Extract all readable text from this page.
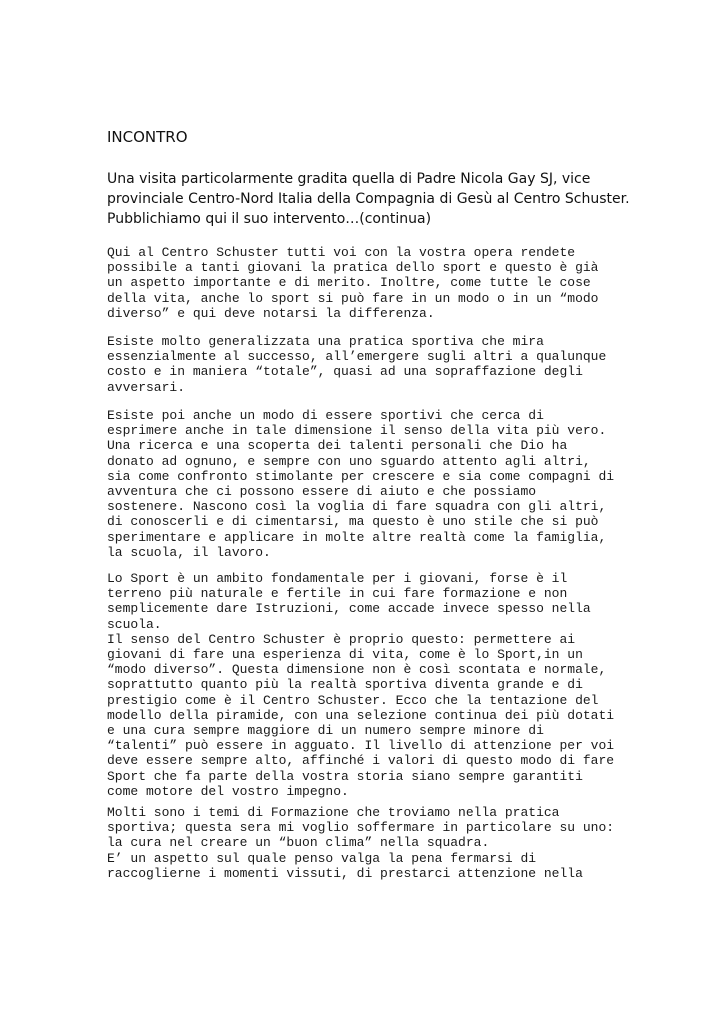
INCONTRO

Una visita particolarmente gradita quella di Padre Nicola Gay SJ, vice
provinciale Centro-Nord Italia della Compagnia di Gesù al Centro Schuster.
Pubblichiamo qui il suo intervento…(continua)

Qui al Centro Schuster tutti voi con la vostra opera rendete
possibile a tanti giovani la pratica dello sport e questo è già
un aspetto importante e di merito. Inoltre, come tutte le cose
della vita, anche lo sport si può fare in un modo o in un “modo
diverso” e qui deve notarsi la differenza.

Esiste molto generalizzata una pratica sportiva che mira
essenzialmente al successo, all’emergere sugli altri a qualunque
costo e in maniera “totale”, quasi ad una sopraffazione degli
avversari.

Esiste poi anche un modo di essere sportivi che cerca di
esprimere anche in tale dimensione il senso della vita più vero.
Una ricerca e una scoperta dei talenti personali che Dio ha
donato ad ognuno, e sempre con uno sguardo attento agli altri,
sia come confronto stimolante per crescere e sia come compagni di
avventura che ci possono essere di aiuto e che possiamo
sostenere. Nascono così la voglia di fare squadra con gli altri,
di conoscerli e di cimentarsi, ma questo è uno stile che si può
sperimentare e applicare in molte altre realtà come la famiglia,
la scuola, il lavoro.

Lo Sport è un ambito fondamentale per i giovani, forse è il
terreno più naturale e fertile in cui fare formazione e non
semplicemente dare Istruzioni, come accade invece spesso nella
scuola.
Il senso del Centro Schuster è proprio questo: permettere ai
giovani di fare una esperienza di vita, come è lo Sport,in un
“modo diverso”. Questa dimensione non è così scontata e normale,
soprattutto quanto più la realtà sportiva diventa grande e di
prestigio come è il Centro Schuster. Ecco che la tentazione del
modello della piramide, con una selezione continua dei più dotati
e una cura sempre maggiore di un numero sempre minore di
“talenti” può essere in agguato. Il livello di attenzione per voi
deve essere sempre alto, affinché i valori di questo modo di fare
Sport che fa parte della vostra storia siano sempre garantiti
come motore del vostro impegno.

Molti sono i temi di Formazione che troviamo nella pratica
sportiva; questa sera mi voglio soffermare in particolare su uno:
la cura nel creare un “buon clima” nella squadra.
E’ un aspetto sul quale penso valga la pena fermarsi di
raccoglierne i momenti vissuti, di prestarci attenzione nella
